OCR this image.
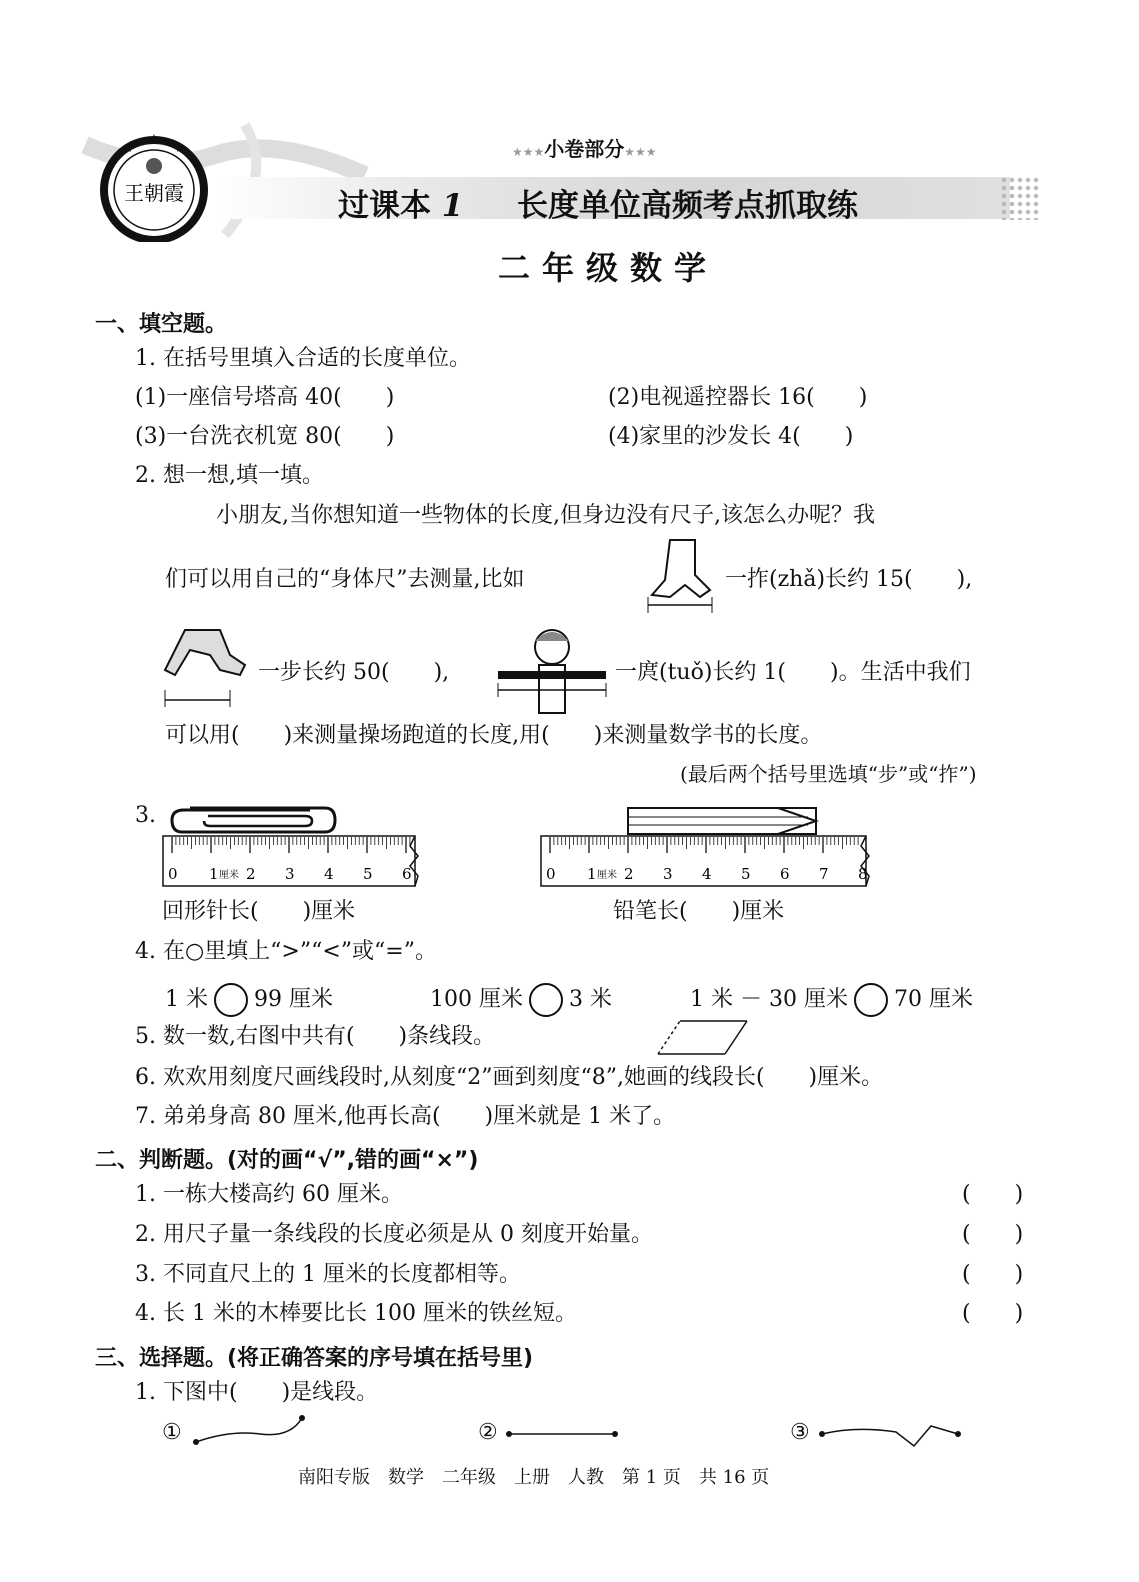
王朝霞
★★★小卷部分★★★
过课本 1 长度单位高频考点抓取练
二年级数学
一、填空题。
1. 在括号里填入合适的长度单位。
(1)一座信号塔高 40(　　)	(2)电视遥控器长 16(　　)
(3)一台洗衣机宽 80(　　)	(4)家里的沙发长 4(　　)
2. 想一想,填一填。
小朋友,当你想知道一些物体的长度,但身边没有尺子,该怎么办呢？我
们可以用自己的“身体尺”去测量,比如	一拃(zhǎ)长约 15(　　),
一步长约 50(　　),	一庹(tuǒ)长约 1(　　)。生活中我们
可以用(　　)来测量操场跑道的长度,用(　　)来测量数学书的长度。
(最后两个括号里选填“步”或“拃”)
3.
0 1 厘米 2 3 4 5 6	0 1 厘米 2 3 4 5 6 7 8
回形针长(　　)厘米	铅笔长(　　)厘米
4. 在○里填上“>”“<”或“=”。
1 米 99 厘米	100 厘米 3 米	1 米 － 30 厘米 70 厘米
5. 数一数,右图中共有(　　)条线段。
6. 欢欢用刻度尺画线段时,从刻度“2”画到刻度“8”,她画的线段长(　　)厘米。
7. 弟弟身高 80 厘米,他再长高(　　)厘米就是 1 米了。
二、判断题。(对的画“√”,错的画“×”)
1. 一栋大楼高约 60 厘米。	(　　)
2. 用尺子量一条线段的长度必须是从 0 刻度开始量。	(　　)
3. 不同直尺上的 1 厘米的长度都相等。	(　　)
4. 长 1 米的木棒要比长 100 厘米的铁丝短。	(　　)
三、选择题。(将正确答案的序号填在括号里)
1. 下图中(　　)是线段。
①	②	③
南阳专版　数学　二年级　上册　人教　第 1 页　共 16 页
